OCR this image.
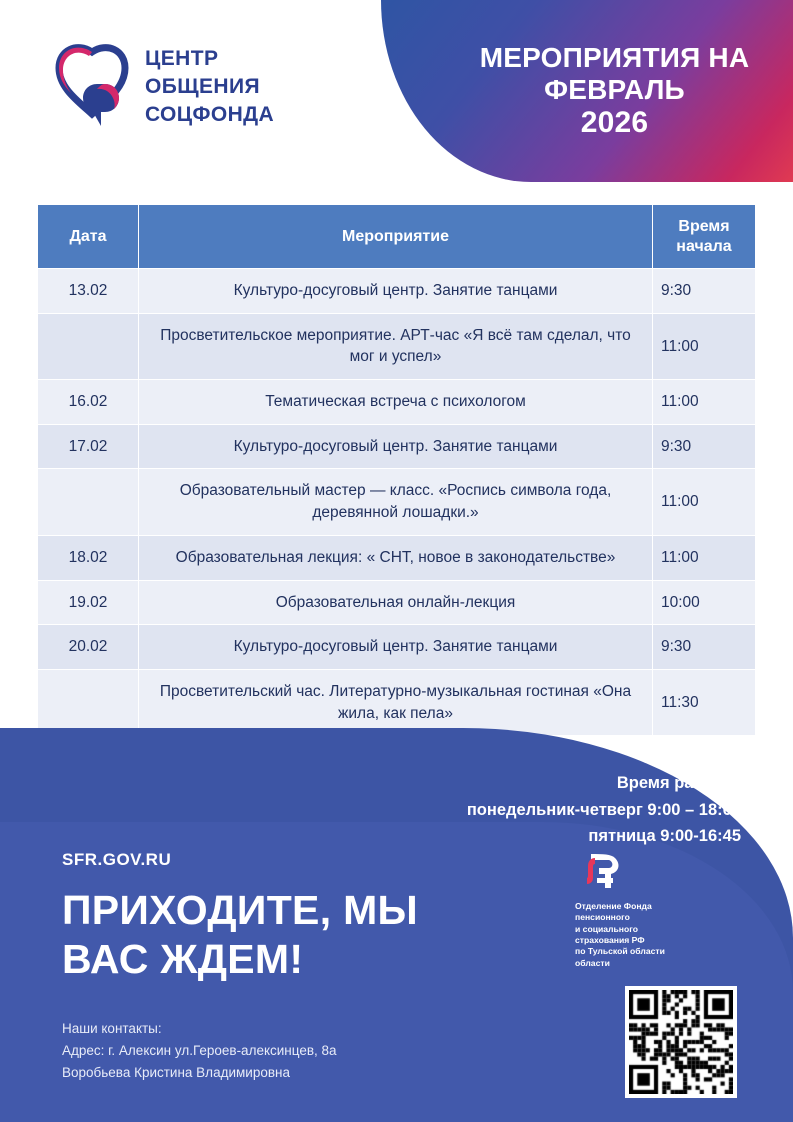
МЕРОПРИЯТИЯ НА
ФЕВРАЛЬ
2026
ЦЕНТР
ОБЩЕНИЯ
СОЦФОНДА
Дата	Мероприятие	Время
начала
13.02	Культуро-досуговый центр. Занятие танцами	9:30
	Просветительское мероприятие. АРТ-час «Я всё там сделал, что мог и успел»	11:00
16.02	Тематическая встреча с психологом	11:00
17.02	Культуро-досуговый центр. Занятие танцами	9:30
	Образовательный мастер — класс. «Роспись символа года, деревянной лошадки.»	11:00
18.02	Образовательная лекция: « СНТ, новое в законодательстве»	11:00
19.02	Образовательная онлайн-лекция	10:00
20.02	Культуро-досуговый центр. Занятие танцами	9:30
	Просветительский час. Литературно-музыкальная гостиная «Она жила, как пела»	11:30
Время работы:
понедельник-четверг 9:00 – 18:00
пятница 9:00-16:45
SFR.GOV.RU
ПРИХОДИТЕ, МЫ
ВАС ЖДЕМ!
Наши контакты:
Адрес: г. Алексин ул.Героев-алексинцев, 8а
Воробьева Кристина Владимировна
Отделение Фонда
пенсионного
и социального
страхования РФ
по Тульской области
области
